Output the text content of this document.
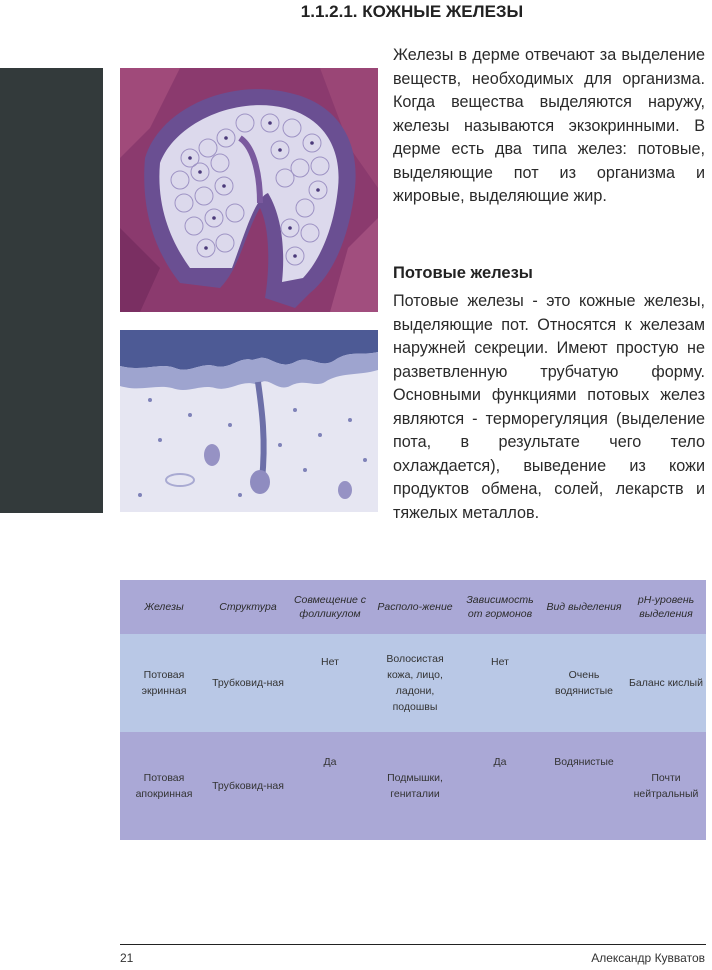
1.1.2.1. КОЖНЫЕ ЖЕЛЕЗЫ
Железы в дерме отвечают за выделение веществ, необходимых для организма. Когда вещества выделяются наружу, железы называются экзокринными. В дерме есть два типа желез: потовые, выделяющие пот из организма и жировые, выделяющие жир.
Потовые железы
Потовые железы - это кожные железы, выделяющие пот. Относятся к железам наружней секреции. Имеют простую не разветвленную трубчатую форму. Основными функциями потовых желез являются - терморегуляция (выделение пота, в результате чего тело охлаждается), выведение из кожи продуктов обмена, солей, лекарств и тяжелых металлов.
Железы	Структура	Совмещение с фолликулом	Располо-жение	Зависимость от гормонов	Вид выделения	pH-уровень выделения
Потовая экринная	Трубковид-ная	Нет	Волосистая кожа, лицо, ладони, подошвы	Нет	Очень водянистые	Баланс кислый
Потовая апокринная	Трубковид-ная	Да	Подмышки, гениталии	Да	Водянистые	Почти нейтральный
21	Александр Кувватов
